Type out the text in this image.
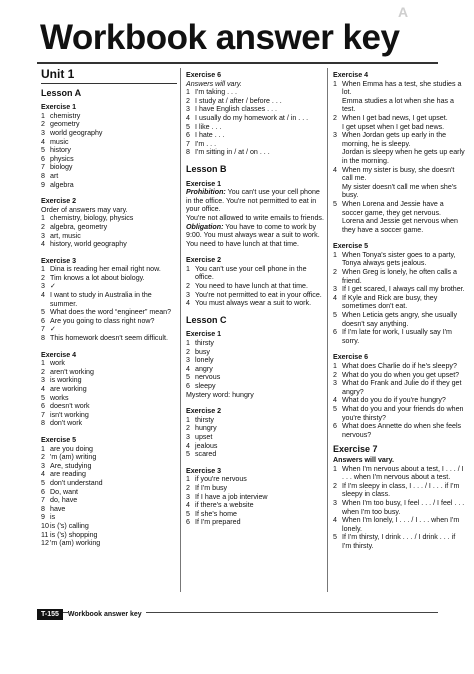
Workbook answer key
A
Unit 1
Lesson A
Exercise 1
1 chemistry
2 geometry
3 world geography
4 music
5 history
6 physics
7 biology
8 art
9 algebra
Exercise 2
Order of answers may vary.
1 chemistry, biology, physics
2 algebra, geometry
3 art, music
4 history, world geography
Exercise 3
1 Dina is reading her email right now.
2 Tim knows a lot about biology.
3 ✓
4 I want to study in Australia in the summer.
5 What does the word “engineer” mean?
6 Are you going to class right now?
7 ✓
8 This homework doesn't seem difficult.
Exercise 4
1 work
2 aren't working
3 is working
4 are working
5 works
6 doesn't work
7 isn't working
8 don't work
Exercise 5
1 are you doing
2 'm (am) writing
3 Are, studying
4 are reading
5 don't understand
6 Do, want
7 do, have
8 have
9 is
10 is ('s) calling
11 is ('s) shopping
12 'm (am) working
Exercise 6
Answers will vary.
1 I'm taking . . .
2 I study at / after / before . . .
3 I have English classes . . .
4 I usually do my homework at / in . . .
5 I like . . .
6 I hate . . .
7 I'm . . .
8 I'm sitting in / at / on . . .
Lesson B
Exercise 1
Prohibition: You can't use your cell phone in the office. You're not permitted to eat in your office.
You're not allowed to write emails to friends.
Obligation: You have to come to work by 9:00. You must always wear a suit to work. You need to have lunch at that time.
Exercise 2
1 You can't use your cell phone in the office.
2 You need to have lunch at that time.
3 You're not permitted to eat in your office.
4 You must always wear a suit to work.
Lesson C
Exercise 1
1 thirsty
2 busy
3 lonely
4 angry
5 nervous
6 sleepy
Mystery word: hungry
Exercise 2
1 thirsty
2 hungry
3 upset
4 jealous
5 scared
Exercise 3
1 if you're nervous
2 If I'm busy
3 If I have a job interview
4 if there's a website
5 If she's home
6 If I'm prepared
Exercise 4
1 When Emma has a test, she studies a lot.
Emma studies a lot when she has a test.
2 When I get bad news, I get upset.
I get upset when I get bad news.
3 When Jordan gets up early in the morning, he is sleepy.
Jordan is sleepy when he gets up early in the morning.
4 When my sister is busy, she doesn't call me.
My sister doesn't call me when she's busy.
5 When Lorena and Jessie have a soccer game, they get nervous.
Lorena and Jessie get nervous when they have a soccer game.
Exercise 5
1 When Tonya's sister goes to a party, Tonya always gets jealous.
2 When Greg is lonely, he often calls a friend.
3 If I get scared, I always call my brother.
4 If Kyle and Rick are busy, they sometimes don't eat.
5 When Leticia gets angry, she usually doesn't say anything.
6 If I'm late for work, I usually say I'm sorry.
Exercise 6
1 What does Charlie do if he's sleepy?
2 What do you do when you get upset?
3 What do Frank and Julie do if they get angry?
4 What do you do if you're hungry?
5 What do you and your friends do when you're thirsty?
6 What does Annette do when she feels nervous?
Exercise 7
Answers will vary.
1 When I'm nervous about a test, I . . . / I . . . when I'm nervous about a test.
2 If I'm sleepy in class, I . . . / I . . . if I'm sleepy in class.
3 When I'm too busy, I feel . . . / I feel . . . when I'm too busy.
4 When I'm lonely, I . . . / I . . . when I'm lonely.
5 If I'm thirsty, I drink . . . / I drink . . . if I'm thirsty.
T-155	Workbook answer key
